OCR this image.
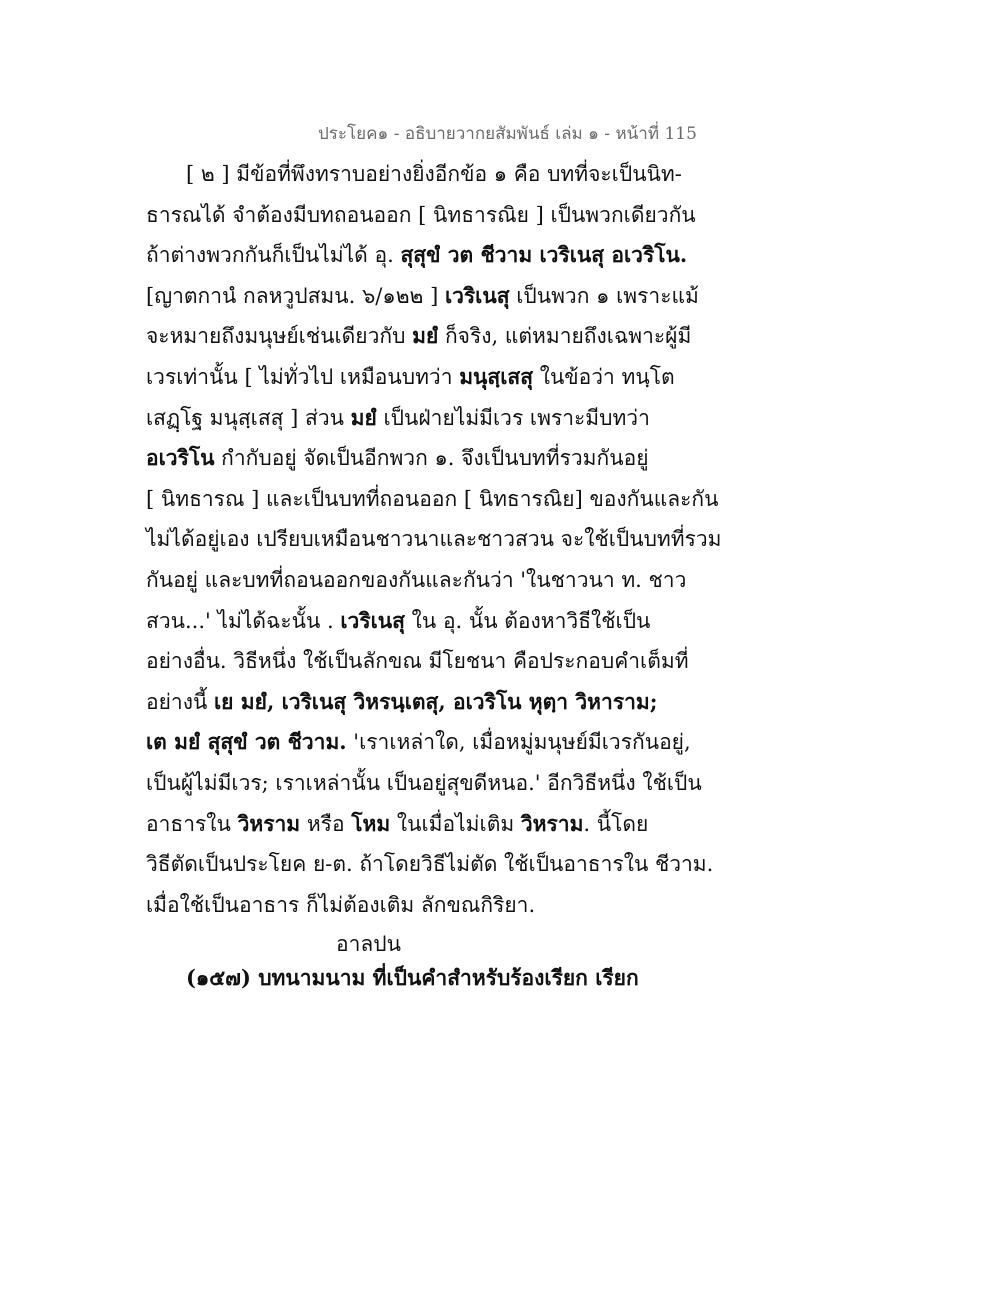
ประโยค๑ - อธิบายวากยสัมพันธ์ เล่ม ๑ - หน้าที่ 115
[ ๒ ] มีข้อที่พึงทราบอย่างยิ่งอีกข้อ ๑ คือ บทที่จะเป็นนิท-
ธารณได้ จำต้องมีบทถอนออก [ นิทธารณิย ] เป็นพวกเดียวกัน
ถ้าต่างพวกกันก็เป็นไม่ได้ อุ. สุสุขํ วต ชีวาม เวริเนสุ อเวริโน.
[ญาตกานํ กลหวูปสมน. ๖/๑๒๒ ] เวริเนสุ เป็นพวก ๑ เพราะแม้
จะหมายถึงมนุษย์เช่นเดียวกับ มยํ ก็จริง, แต่หมายถึงเฉพาะผู้มี
เวรเท่านั้น [ ไม่ทั่วไป เหมือนบทว่า มนุสฺเสสุ ในข้อว่า ทนฺโต
เสฏฺโฐ มนุสฺเสสุ ] ส่วน มยํ เป็นฝ่ายไม่มีเวร เพราะมีบทว่า
อเวริโน กำกับอยู่ จัดเป็นอีกพวก ๑. จึงเป็นบทที่รวมกันอยู่
[ นิทธารณ ] และเป็นบทที่ถอนออก [ นิทธารณิย] ของกันและกัน
ไม่ได้อยู่เอง เปรียบเหมือนชาวนาและชาวสวน จะใช้เป็นบทที่รวม
กันอยู่ และบทที่ถอนออกของกันและกันว่า 'ในชาวนา ท. ชาว
สวน...' ไม่ได้ฉะนั้น . เวริเนสุ ใน อุ. นั้น ต้องหาวิธีใช้เป็น
อย่างอื่น. วิธีหนึ่ง ใช้เป็นลักขณ มีโยชนา คือประกอบคำเต็มที่
อย่างนี้ เย มยํ, เวริเนสุ วิหรนฺเตสุ, อเวริโน หุตฺา วิหาราม;
เต มยํ สุสุขํ วต ชีวาม. 'เราเหล่าใด, เมื่อหมู่มนุษย์มีเวรกันอยู่,
เป็นผู้ไม่มีเวร; เราเหล่านั้น เป็นอยู่สุขดีหนอ.' อีกวิธีหนึ่ง ใช้เป็น
อาธารใน วิหราม หรือ โหม ในเมื่อไม่เติม วิหราม. นี้โดย
วิธีตัดเป็นประโยค ย-ต. ถ้าโดยวิธีไม่ตัด ใช้เป็นอาธารใน ชีวาม.
เมื่อใช้เป็นอาธาร ก็ไม่ต้องเติม ลักขณกิริยา.
อาลปน
(๑๕๗) บทนามนาม ที่เป็นคำสำหรับร้องเรียก เรียก
